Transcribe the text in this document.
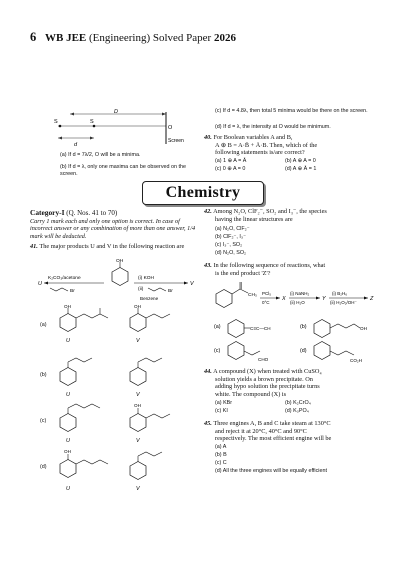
6 WB JEE (Engineering) Solved Paper 2026
S	S
D
d
O
Screen
(a) If d = 7λ/2, O will be a minima.
(b) If d = λ, only one maxima can be observed on the screen.
(c) If d = 4.8λ, then total 5 minima would be there on the screen.
(d) If d = λ, the intensity at O would be minimum.
40. For Boolean variables A and B,
A ⊕ B = A·B̄ + Ā·B. Then, which of the
following statements is/are correct?
(a) 1 ⊕ A = Ā	(b) A ⊕ A = 0
(c) 0 ⊕ A = 0	(d) A ⊕ Ā = 1
Chemistry
Category-I (Q. Nos. 41 to 70)
Carry 1 mark each and only one option is correct. In case of incorrect answer or any combination of more than one answer, 1/4 mark will be deducted.
41. The major products U and V in the following reaction are
U
K₂CO₃/acetone
Br
OH
V
(i) KOH
(ii)	Br
Benzene
(a)
OH
U
OH
V
(b)
U	V
(c)
U
OH
V
(d)
OH
U	V
42. Among N₂O, ClF₂⁻, SO₂ and I₃⁻, the species
having the linear structures are
(a) N₂O, ClF₂⁻
(b) ClF₂⁻, I₃⁻
(c) I₃⁻, SO₂
(d) N₂O, SO₂
43. In the following sequence of reactions, what
is the end product 'Z'?
CH₃ PCl₅
0°C
X
(i) NaNH₂
(ii) H₂O
Y
(i) B₂H₆
(ii) H₂O₂/OH⁻
Z
(a)	C≡C—CH	(b)	OH
(c)
CHO
(d)
CO₂H
44. A compound (X) when treated with CuSO₄
solution yields a brown precipitate. On
adding hypo solution the precipitate turns
white. The compound (X) is
(a) KBr	(b) K₂CrO₄
(c) KI	(d) K₃PO₄
45. Three engines A, B and C take steam at 130°C
and reject it at 20°C, 40°C and 90°C
respectively. The most efficient engine will be
(a) A
(b) B
(c) C
(d) All the three engines will be equally efficient
